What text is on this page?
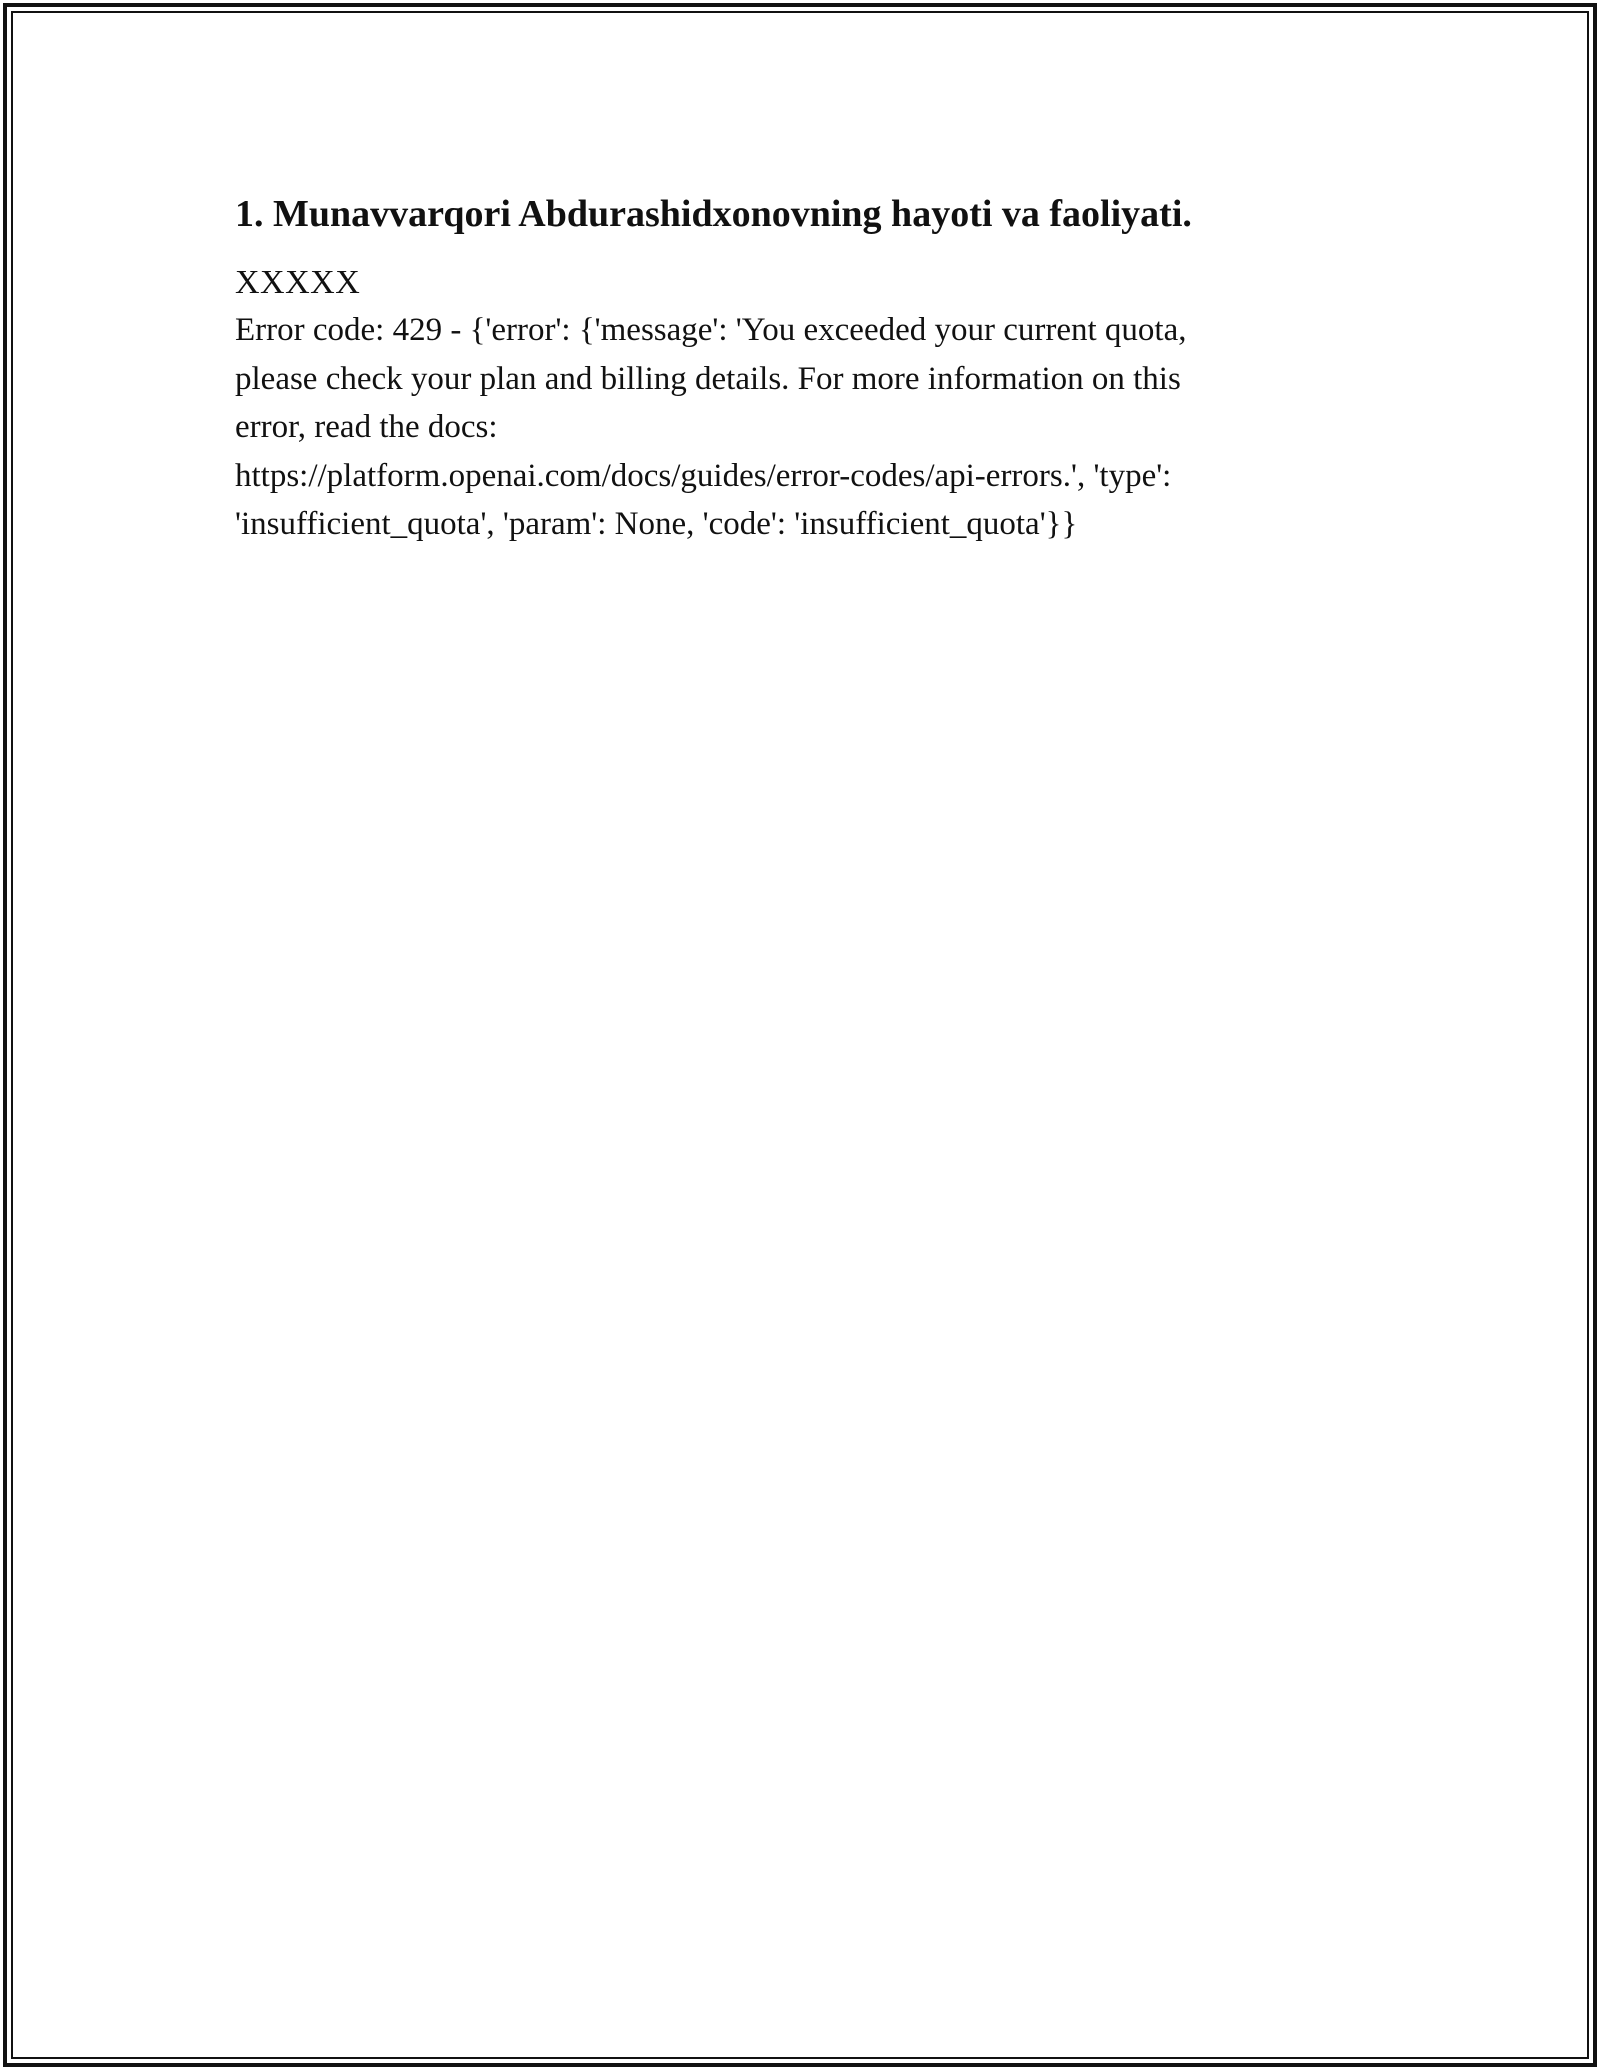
1. Munavvarqori Abdurashidxonovning hayoti va faoliyati.

XXXXX

Error code: 429 - {'error': {'message': 'You exceeded your current quota,

please check your plan and billing details. For more information on this

error, read the docs:

https://platform.openai.com/docs/guides/error-codes/api-errors.', 'type':

'insufficient_quota', 'param': None, 'code': 'insufficient_quota'}}
